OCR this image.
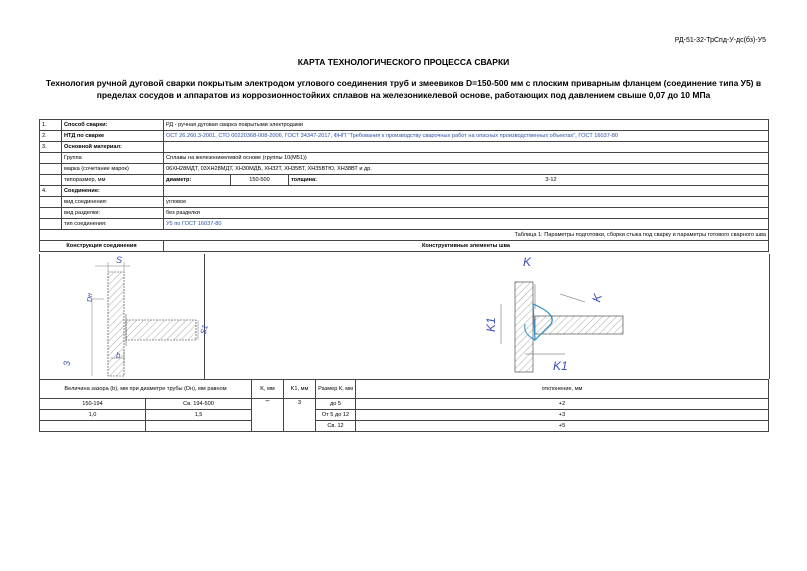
РД-51-32-ТрСпд-У-дс(бз)-У5
КАРТА ТЕХНОЛОГИЧЕСКОГО ПРОЦЕССА СВАРКИ
Технология ручной дуговой сварки покрытым электродом углового соединения труб и змеевиков D=150-500 мм с плоским приварным фланцем (соединение типа У5) в пределах сосудов и аппаратов из коррозионностойких сплавов на железоникелевой основе, работающих под давлением свыше 0,07 до 10 МПа
1.	Способ сварки:	РД - ручная дуговая сварка покрытыми электродами		
2.	НТД по сварке	ОСТ 26.260.3-2001, СТО 00220368-008-2006, ГОСТ 34347-2017, ФНП "Требования к производству сварочных работ на опасных производственных объектах", ГОСТ 16037-80		
3.	Основной материал:			
	Группа	Сплавы на железоникелевой основе (группы 10(М51))		
	марка (сочетание марок)	06ХН28МДТ, 03ХН28МДТ, ХН30МДБ, ХН32Т, ХН35ВТ, ХН35ВТЮ, ХН38ВТ и др.		
	типоразмер, мм	диаметр:	150-500	толщина: 3-12
4.	Соединение:			
	вид соединения:	угловое		
	вид разделки:	без разделки		
	тип соединения:	У5 по ГОСТ 16037-80		
Таблица 1: Параметры подготовки, сборки стыка под сварку и параметры готового сварного шва				
Конструкция соединения		Конструктивные элементы шва		
S
Dн
S1
b
3
K
K
K1
K1
Величина зазора (b), мм при диаметре трубы (Dн), мм равном		K, мм	K1, мм	Размер К, мм	отклонение, мм
150-194	Св. 194-500	""	3	до 5	+2
1,0	1,5			От 5 до 12	+3
				Св. 12	+5
